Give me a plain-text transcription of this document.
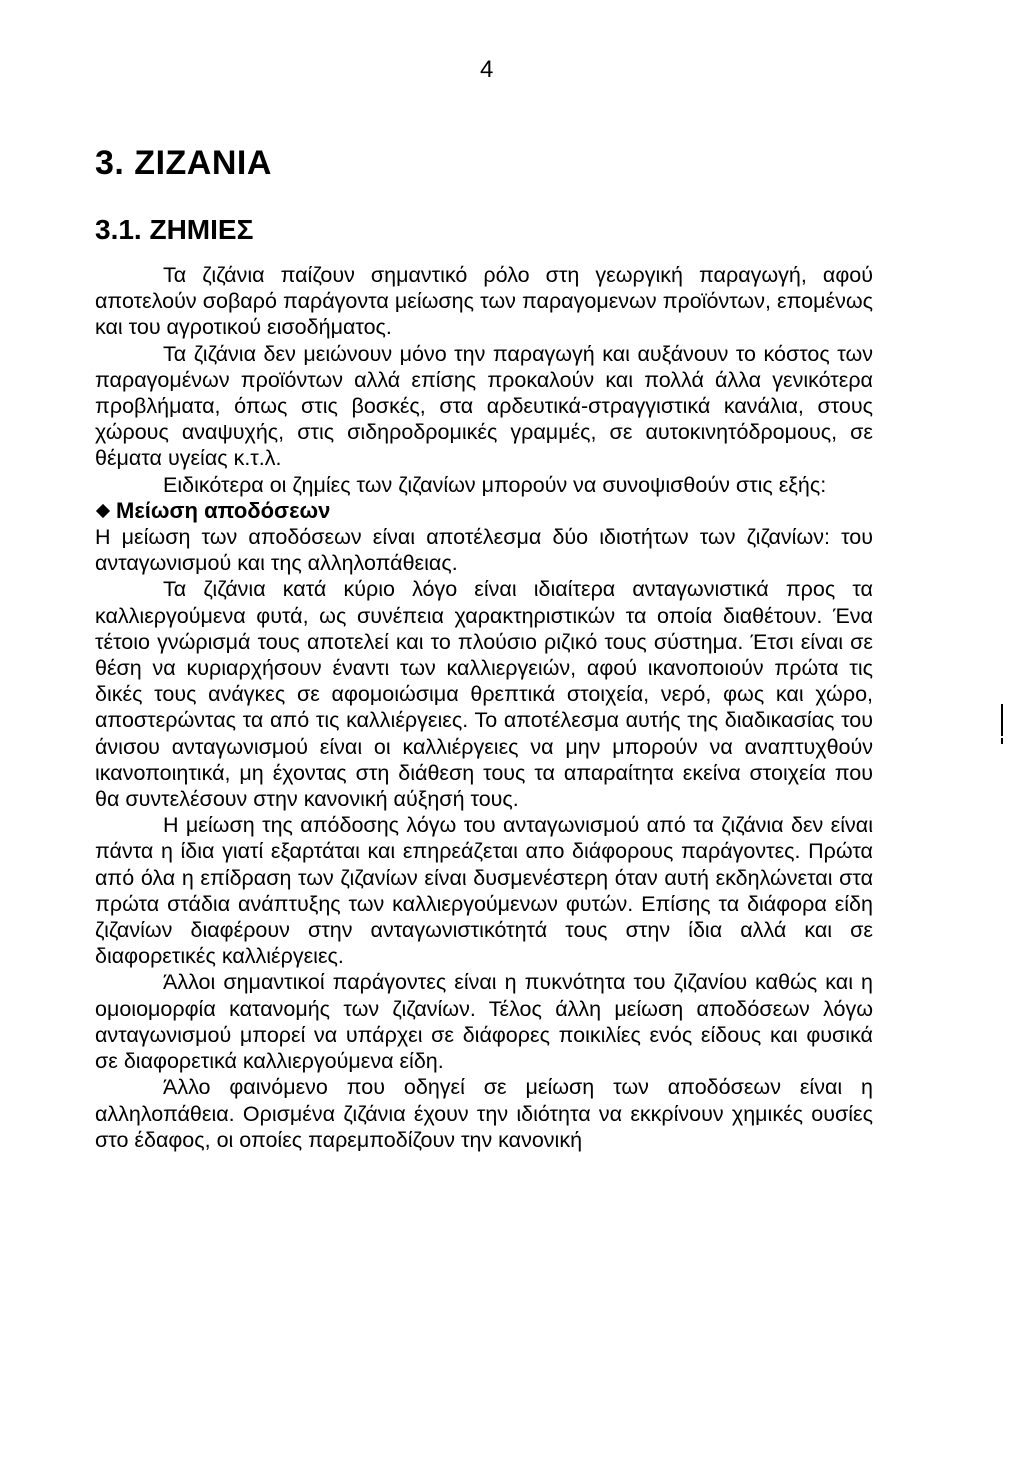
4
3. ΖΙΖΑΝΙΑ
3.1. ΖΗΜΙΕΣ

Τα ζιζάνια παίζουν σημαντικό ρόλο στη γεωργική παραγωγή, αφού αποτελούν σοβαρό παράγοντα μείωσης των παραγομενων προϊόντων, επομένως και του αγροτικού εισοδήματος.

Τα ζιζάνια δεν μειώνουν μόνο την παραγωγή και αυξάνουν το κόστος των παραγομένων προϊόντων αλλά επίσης προκαλούν και πολλά άλλα γενικότερα προβλήματα, όπως στις βοσκές, στα αρδευτικά-στραγγιστικά κανάλια, στους χώρους αναψυχής, στις σιδηροδρομικές γραμμές, σε αυτοκινητόδρομους, σε θέματα υγείας κ.τ.λ.

Ειδικότερα οι ζημίες των ζιζανίων μπορούν να συνοψισθούν στις εξής:

Μείωση αποδόσεων

Η μείωση των αποδόσεων είναι αποτέλεσμα δύο ιδιοτήτων των ζιζανίων: του ανταγωνισμού και της αλληλοπάθειας.

Τα ζιζάνια κατά κύριο λόγο είναι ιδιαίτερα ανταγωνιστικά προς τα καλλιεργούμενα φυτά, ως συνέπεια χαρακτηριστικών τα οποία διαθέτουν. Ένα τέτοιο γνώρισμά τους αποτελεί και το πλούσιο ριζικό τους σύστημα. Έτσι είναι σε θέση να κυριαρχήσουν έναντι των καλλιεργειών, αφού ικανοποιούν πρώτα τις δικές τους ανάγκες σε αφομοιώσιμα θρεπτικά στοιχεία, νερό, φως και χώρο, αποστερώντας τα από τις καλλιέργειες. Το αποτέλεσμα αυτής της διαδικασίας του άνισου ανταγωνισμού είναι οι καλλιέργειες να μην μπορούν να αναπτυχθούν ικανοποιητικά, μη έχοντας στη διάθεση τους τα απαραίτητα εκείνα στοιχεία που θα συντελέσουν στην κανονική αύξησή τους.

Η μείωση της απόδοσης λόγω του ανταγωνισμού από τα ζιζάνια δεν είναι πάντα η ίδια γιατί εξαρτάται και επηρεάζεται απο διάφορους παράγοντες. Πρώτα από όλα η επίδραση των ζιζανίων είναι δυσμενέστερη όταν αυτή εκδηλώνεται στα πρώτα στάδια ανάπτυξης των καλλιεργούμενων φυτών. Επίσης τα διάφορα είδη ζιζανίων διαφέρουν στην ανταγωνιστικότητά τους στην ίδια αλλά και σε διαφορετικές καλλιέργειες.

Άλλοι σημαντικοί παράγοντες είναι η πυκνότητα του ζιζανίου καθώς και η ομοιομορφία κατανομής των ζιζανίων. Τέλος άλλη μείωση αποδόσεων λόγω ανταγωνισμού μπορεί να υπάρχει σε διάφορες ποικιλίες ενός είδους και φυσικά σε διαφορετικά καλλιεργούμενα είδη.

Άλλο φαινόμενο που οδηγεί σε μείωση των αποδόσεων είναι η αλληλοπάθεια. Ορισμένα ζιζάνια έχουν την ιδιότητα να εκκρίνουν χημικές ουσίες στο έδαφος, οι οποίες παρεμποδίζουν την κανονική
